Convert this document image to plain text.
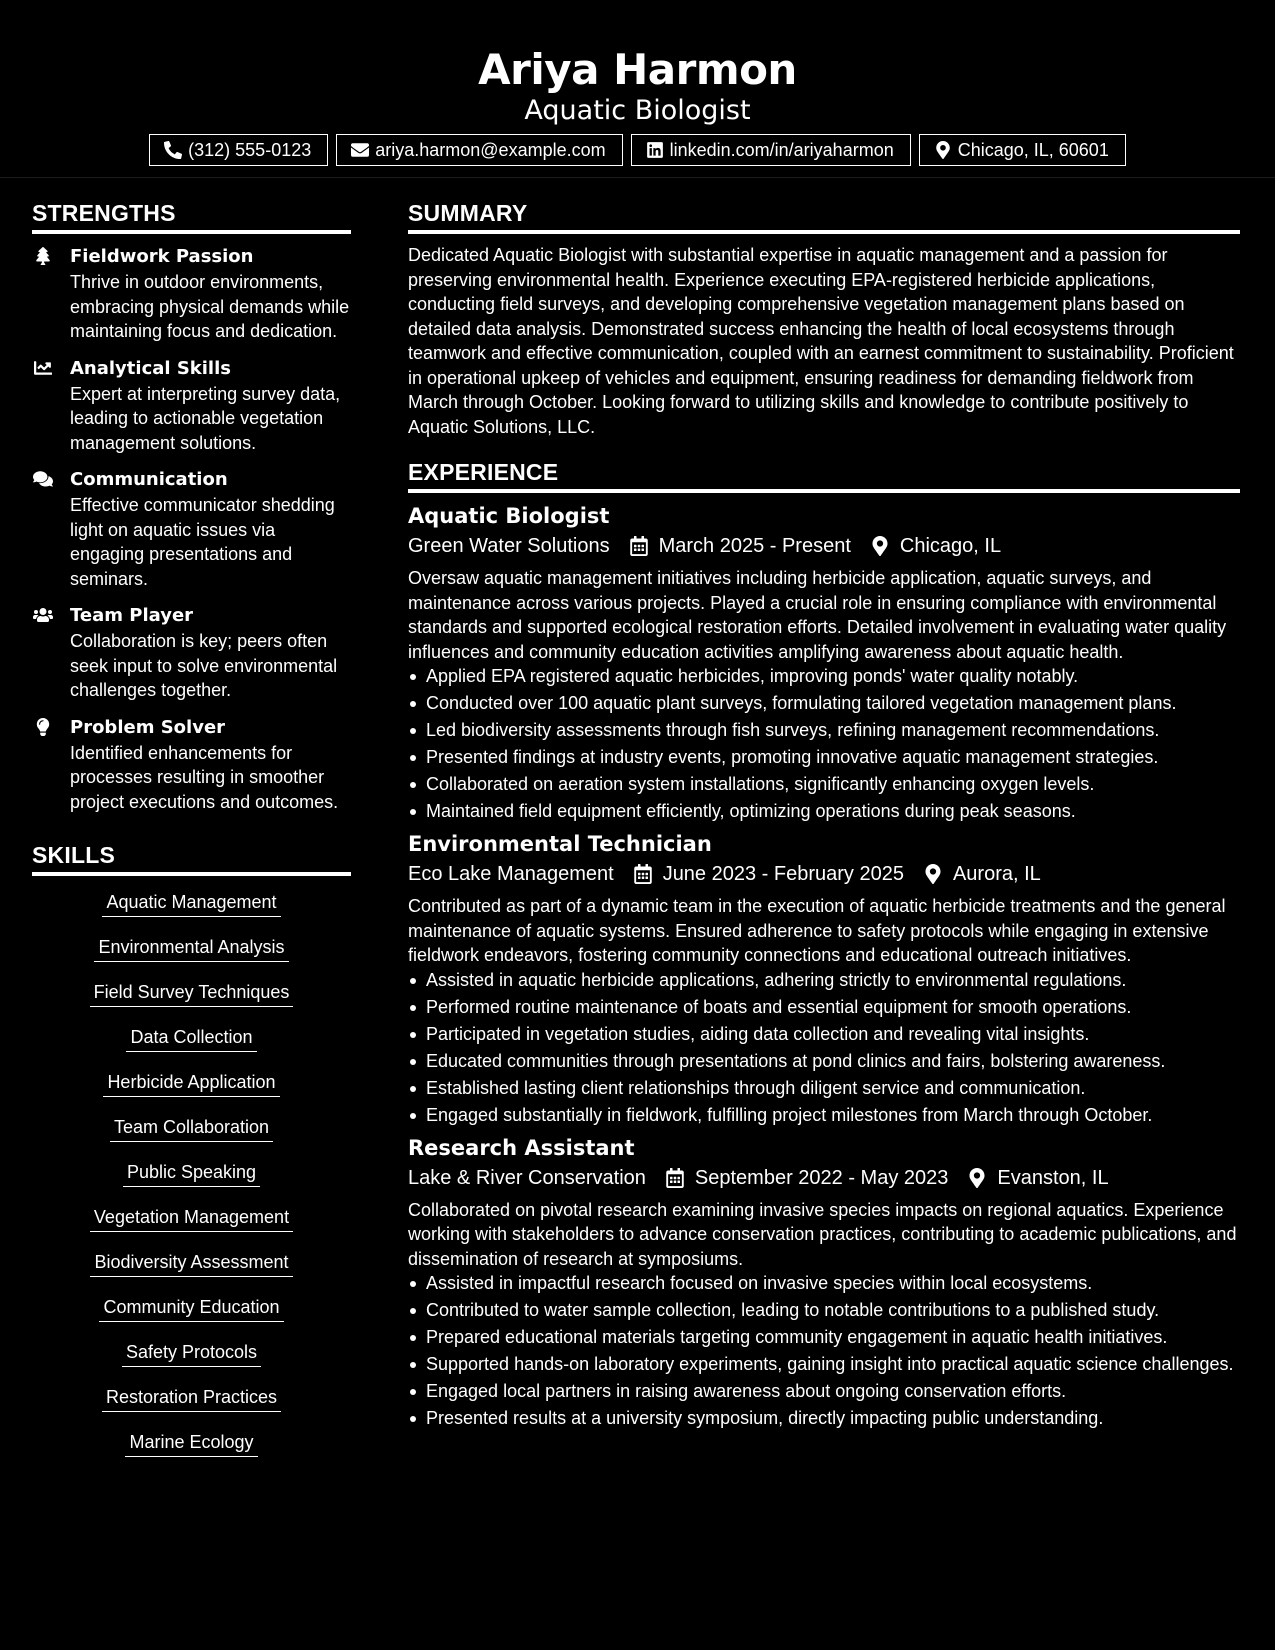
Ariya Harmon
Aquatic Biologist
(312) 555-0123	ariya.harmon@example.com	linkedin.com/in/ariyaharmon	Chicago, IL, 60601
STRENGTHS
Fieldwork Passion
Thrive in outdoor environments, embracing physical demands while maintaining focus and dedication.
Analytical Skills
Expert at interpreting survey data, leading to actionable vegetation management solutions.
Communication
Effective communicator shedding light on aquatic issues via engaging presentations and seminars.
Team Player
Collaboration is key; peers often seek input to solve environmental challenges together.
Problem Solver
Identified enhancements for processes resulting in smoother project executions and outcomes.
SKILLS
Aquatic Management
Environmental Analysis
Field Survey Techniques
Data Collection
Herbicide Application
Team Collaboration
Public Speaking
Vegetation Management
Biodiversity Assessment
Community Education
Safety Protocols
Restoration Practices
Marine Ecology
SUMMARY

Dedicated Aquatic Biologist with substantial expertise in aquatic management and a passion for preserving environmental health. Experience executing EPA-registered herbicide applications, conducting field surveys, and developing comprehensive vegetation management plans based on detailed data analysis. Demonstrated success enhancing the health of local ecosystems through teamwork and effective communication, coupled with an earnest commitment to sustainability. Proficient in operational upkeep of vehicles and equipment, ensuring readiness for demanding fieldwork from March through October. Looking forward to utilizing skills and knowledge to contribute positively to Aquatic Solutions, LLC.

EXPERIENCE
Aquatic Biologist
Green Water Solutions March 2025 - Present Chicago, IL

Oversaw aquatic management initiatives including herbicide application, aquatic surveys, and maintenance across various projects. Played a crucial role in ensuring compliance with environmental standards and supported ecological restoration efforts. Detailed involvement in evaluating water quality influences and community education activities amplifying awareness about aquatic health.

Applied EPA registered aquatic herbicides, improving ponds' water quality notably.
Conducted over 100 aquatic plant surveys, formulating tailored vegetation management plans.
Led biodiversity assessments through fish surveys, refining management recommendations.
Presented findings at industry events, promoting innovative aquatic management strategies.
Collaborated on aeration system installations, significantly enhancing oxygen levels.
Maintained field equipment efficiently, optimizing operations during peak seasons.
Environmental Technician
Eco Lake Management June 2023 - February 2025 Aurora, IL

Contributed as part of a dynamic team in the execution of aquatic herbicide treatments and the general maintenance of aquatic systems. Ensured adherence to safety protocols while engaging in extensive fieldwork endeavors, fostering community connections and educational outreach initiatives.

Assisted in aquatic herbicide applications, adhering strictly to environmental regulations.
Performed routine maintenance of boats and essential equipment for smooth operations.
Participated in vegetation studies, aiding data collection and revealing vital insights.
Educated communities through presentations at pond clinics and fairs, bolstering awareness.
Established lasting client relationships through diligent service and communication.
Engaged substantially in fieldwork, fulfilling project milestones from March through October.
Research Assistant
Lake & River Conservation September 2022 - May 2023 Evanston, IL

Collaborated on pivotal research examining invasive species impacts on regional aquatics. Experience working with stakeholders to advance conservation practices, contributing to academic publications, and dissemination of research at symposiums.

Assisted in impactful research focused on invasive species within local ecosystems.
Contributed to water sample collection, leading to notable contributions to a published study.
Prepared educational materials targeting community engagement in aquatic health initiatives.
Supported hands-on laboratory experiments, gaining insight into practical aquatic science challenges.
Engaged local partners in raising awareness about ongoing conservation efforts.
Presented results at a university symposium, directly impacting public understanding.
